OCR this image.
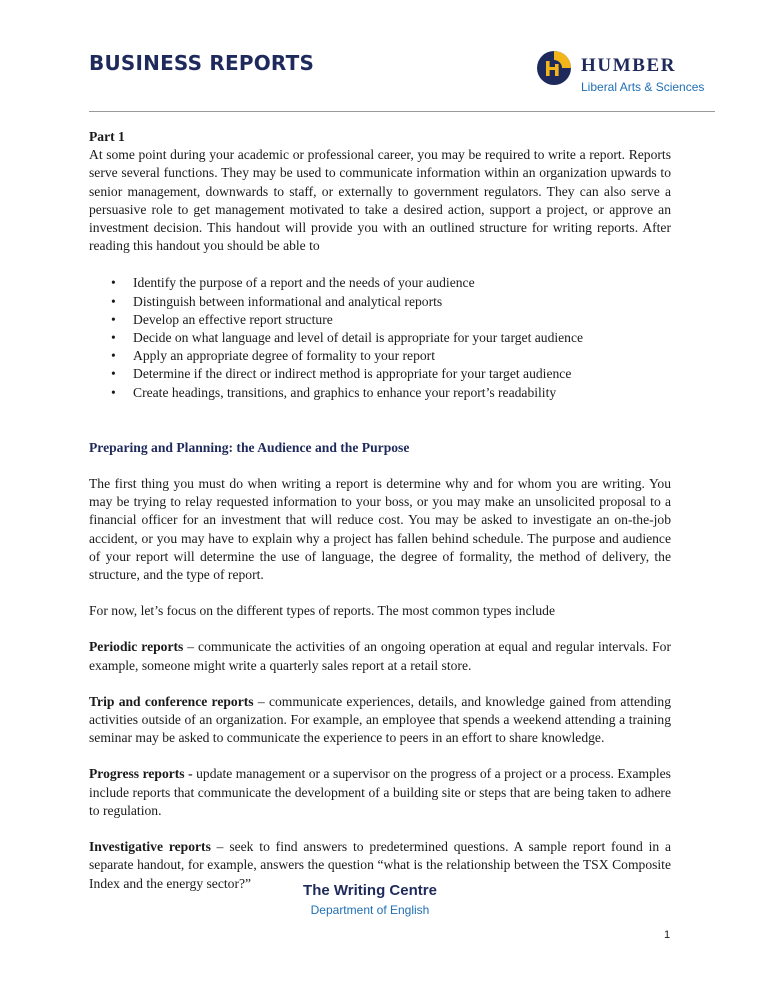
BUSINESS REPORTS	HUMBER
Liberal Arts & Sciences

Part 1

At some point during your academic or professional career, you may be required to write a report. Reports serve several functions. They may be used to communicate information within an organization upwards to senior management, downwards to staff, or externally to government regulators. They can also serve a persuasive role to get management motivated to take a desired action, support a project, or approve an investment decision. This handout will provide you with an outlined structure for writing reports. After reading this handout you should be able to

• Identify the purpose of a report and the needs of your audience
• Distinguish between informational and analytical reports
• Develop an effective report structure
• Decide on what language and level of detail is appropriate for your target audience
• Apply an appropriate degree of formality to your report
• Determine if the direct or indirect method is appropriate for your target audience
• Create headings, transitions, and graphics to enhance your report’s readability

Preparing and Planning: the Audience and the Purpose

The first thing you must do when writing a report is determine why and for whom you are writing. You may be trying to relay requested information to your boss, or you may make an unsolicited proposal to a financial officer for an investment that will reduce cost. You may be asked to investigate an on-the-job accident, or you may have to explain why a project has fallen behind schedule. The purpose and audience of your report will determine the use of language, the degree of formality, the method of delivery, the structure, and the type of report.

For now, let’s focus on the different types of reports. The most common types include

Periodic reports – communicate the activities of an ongoing operation at equal and regular intervals. For example, someone might write a quarterly sales report at a retail store.

Trip and conference reports – communicate experiences, details, and knowledge gained from attending activities outside of an organization. For example, an employee that spends a weekend attending a training seminar may be asked to communicate the experience to peers in an effort to share knowledge.

Progress reports - update management or a supervisor on the progress of a project or a process. Examples include reports that communicate the development of a building site or steps that are being taken to adhere to regulation.

Investigative reports – seek to find answers to predetermined questions. A sample report found in a separate handout, for example, answers the question “what is the relationship between the TSX Composite Index and the energy sector?”	The Writing Centre
Department of English
1
